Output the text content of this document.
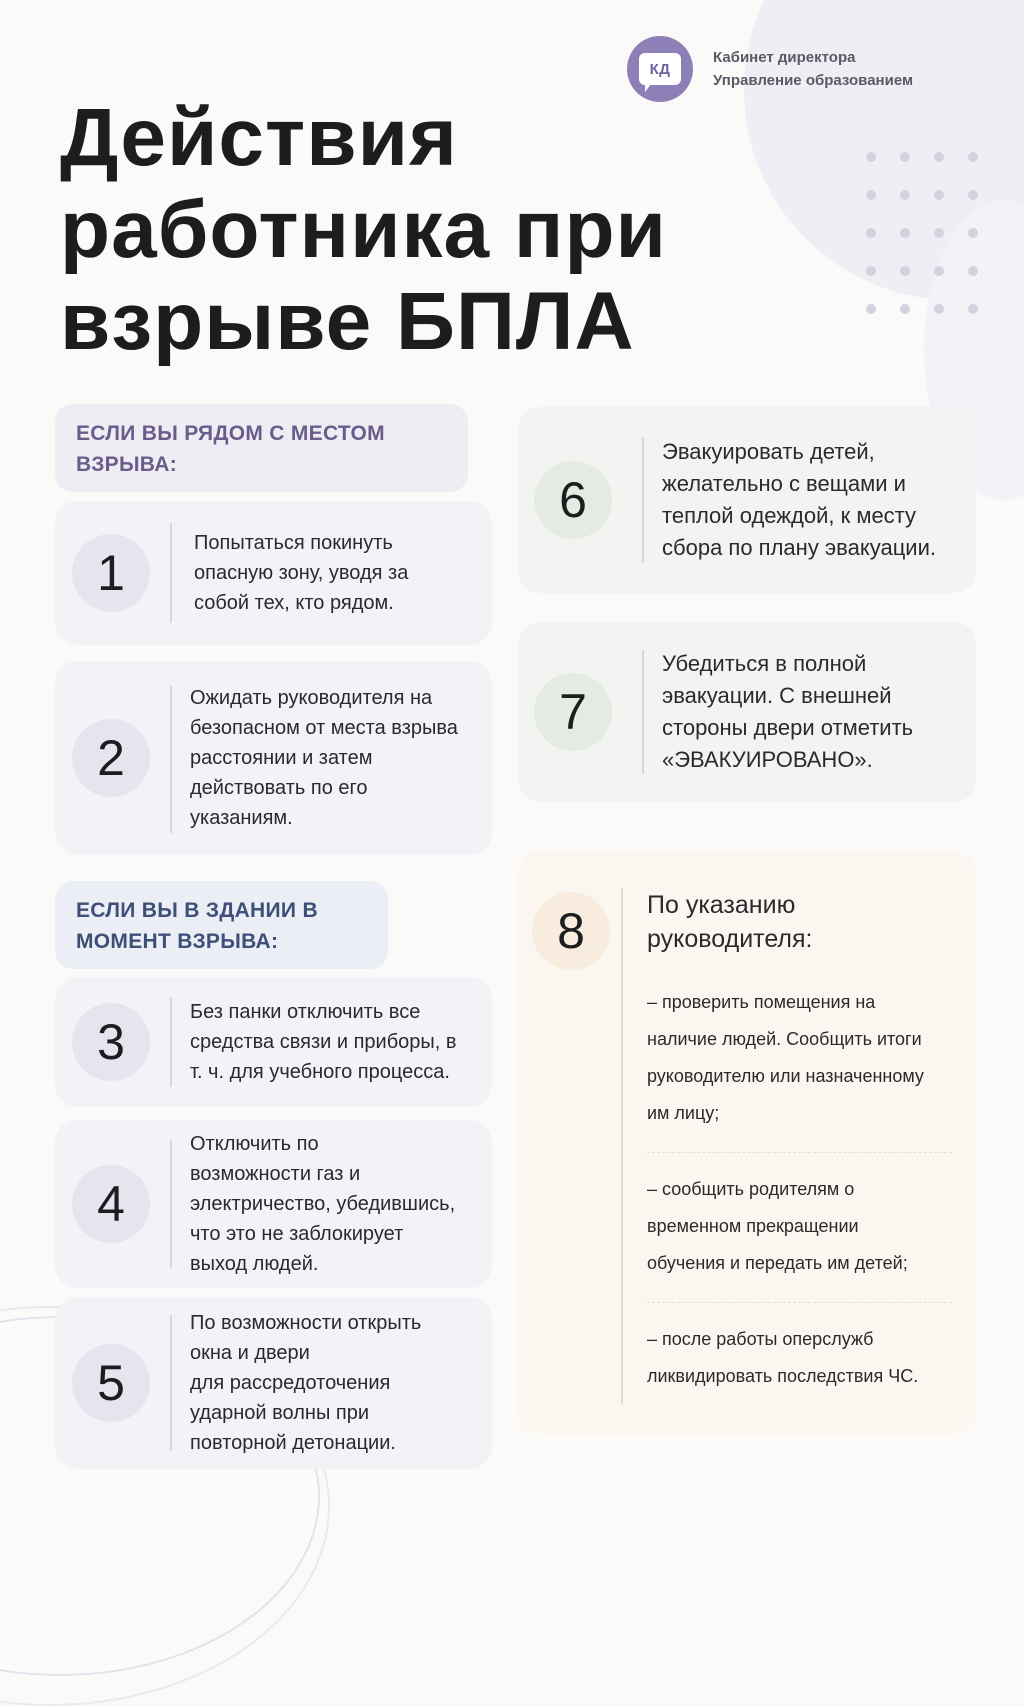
КД
Кабинет директора
Управление образованием
Действия
работника при
взрыве БПЛА
ЕСЛИ ВЫ РЯДОМ С МЕСТОМ ВЗРЫВА:
1
Попытаться покинуть
опасную зону, уводя за
собой тех, кто рядом.
2
Ожидать руководителя на
безопасном от места взрыва
расстоянии и затем
действовать по его
указаниям.
ЕСЛИ ВЫ В ЗДАНИИ В МОМЕНТ ВЗРЫВА:
3
Без панки отключить все
средства связи и приборы, в
т. ч. для учебного процесса.
4
Отключить по
возможности газ и
электричество, убедившись,
что это не заблокирует
выход людей.
5
По возможности открыть
окна и двери
для рассредоточения
ударной волны при
повторной детонации.
6
Эвакуировать детей,
желательно с вещами и
теплой одеждой, к месту
сбора по плану эвакуации.
7
Убедиться в полной
эвакуации. С внешней
стороны двери отметить
«ЭВАКУИРОВАНО».
8	По указанию
руководителя:
– проверить помещения на
наличие людей. Сообщить итоги
руководителю или назначенному
им лицу;
– сообщить родителям о
временном прекращении
обучения и передать им детей;
– после работы оперслужб
ликвидировать последствия ЧС.
